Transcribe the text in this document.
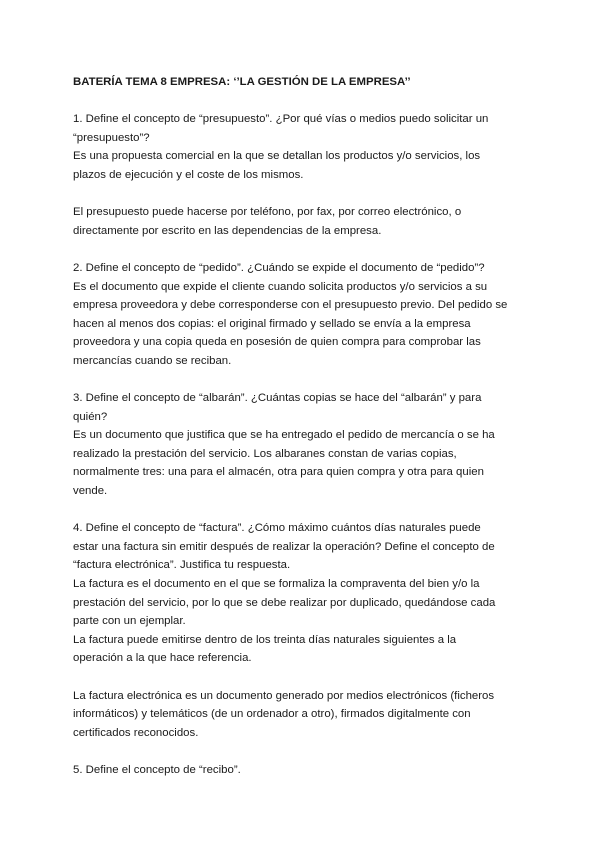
BATERÍA TEMA 8 EMPRESA: ‘’LA GESTIÓN DE LA EMPRESA’’
1. Define el concepto de “presupuesto”. ¿Por qué vías o medios puedo solicitar un
“presupuesto”?
Es una propuesta comercial en la que se detallan los productos y/o servicios, los
plazos de ejecución y el coste de los mismos.
El presupuesto puede hacerse por teléfono, por fax, por correo electrónico, o
directamente por escrito en las dependencias de la empresa.
2. Define el concepto de “pedido”. ¿Cuándo se expide el documento de “pedido”?
Es el documento que expide el cliente cuando solicita productos y/o servicios a su
empresa proveedora y debe corresponderse con el presupuesto previo. Del pedido se
hacen al menos dos copias: el original firmado y sellado se envía a la empresa
proveedora y una copia queda en posesión de quien compra para comprobar las
mercancías cuando se reciban.
3. Define el concepto de “albarán”. ¿Cuántas copias se hace del “albarán” y para
quién?
Es un documento que justifica que se ha entregado el pedido de mercancía o se ha
realizado la prestación del servicio. Los albaranes constan de varias copias,
normalmente tres: una para el almacén, otra para quien compra y otra para quien
vende.
4. Define el concepto de “factura”. ¿Cómo máximo cuántos días naturales puede
estar una factura sin emitir después de realizar la operación? Define el concepto de
“factura electrónica”. Justifica tu respuesta.
La factura es el documento en el que se formaliza la compraventa del bien y/o la
prestación del servicio, por lo que se debe realizar por duplicado, quedándose cada
parte con un ejemplar.
La factura puede emitirse dentro de los treinta días naturales siguientes a la
operación a la que hace referencia.
La factura electrónica es un documento generado por medios electrónicos (ficheros
informáticos) y telemáticos (de un ordenador a otro), firmados digitalmente con
certificados reconocidos.
5. Define el concepto de “recibo”.
